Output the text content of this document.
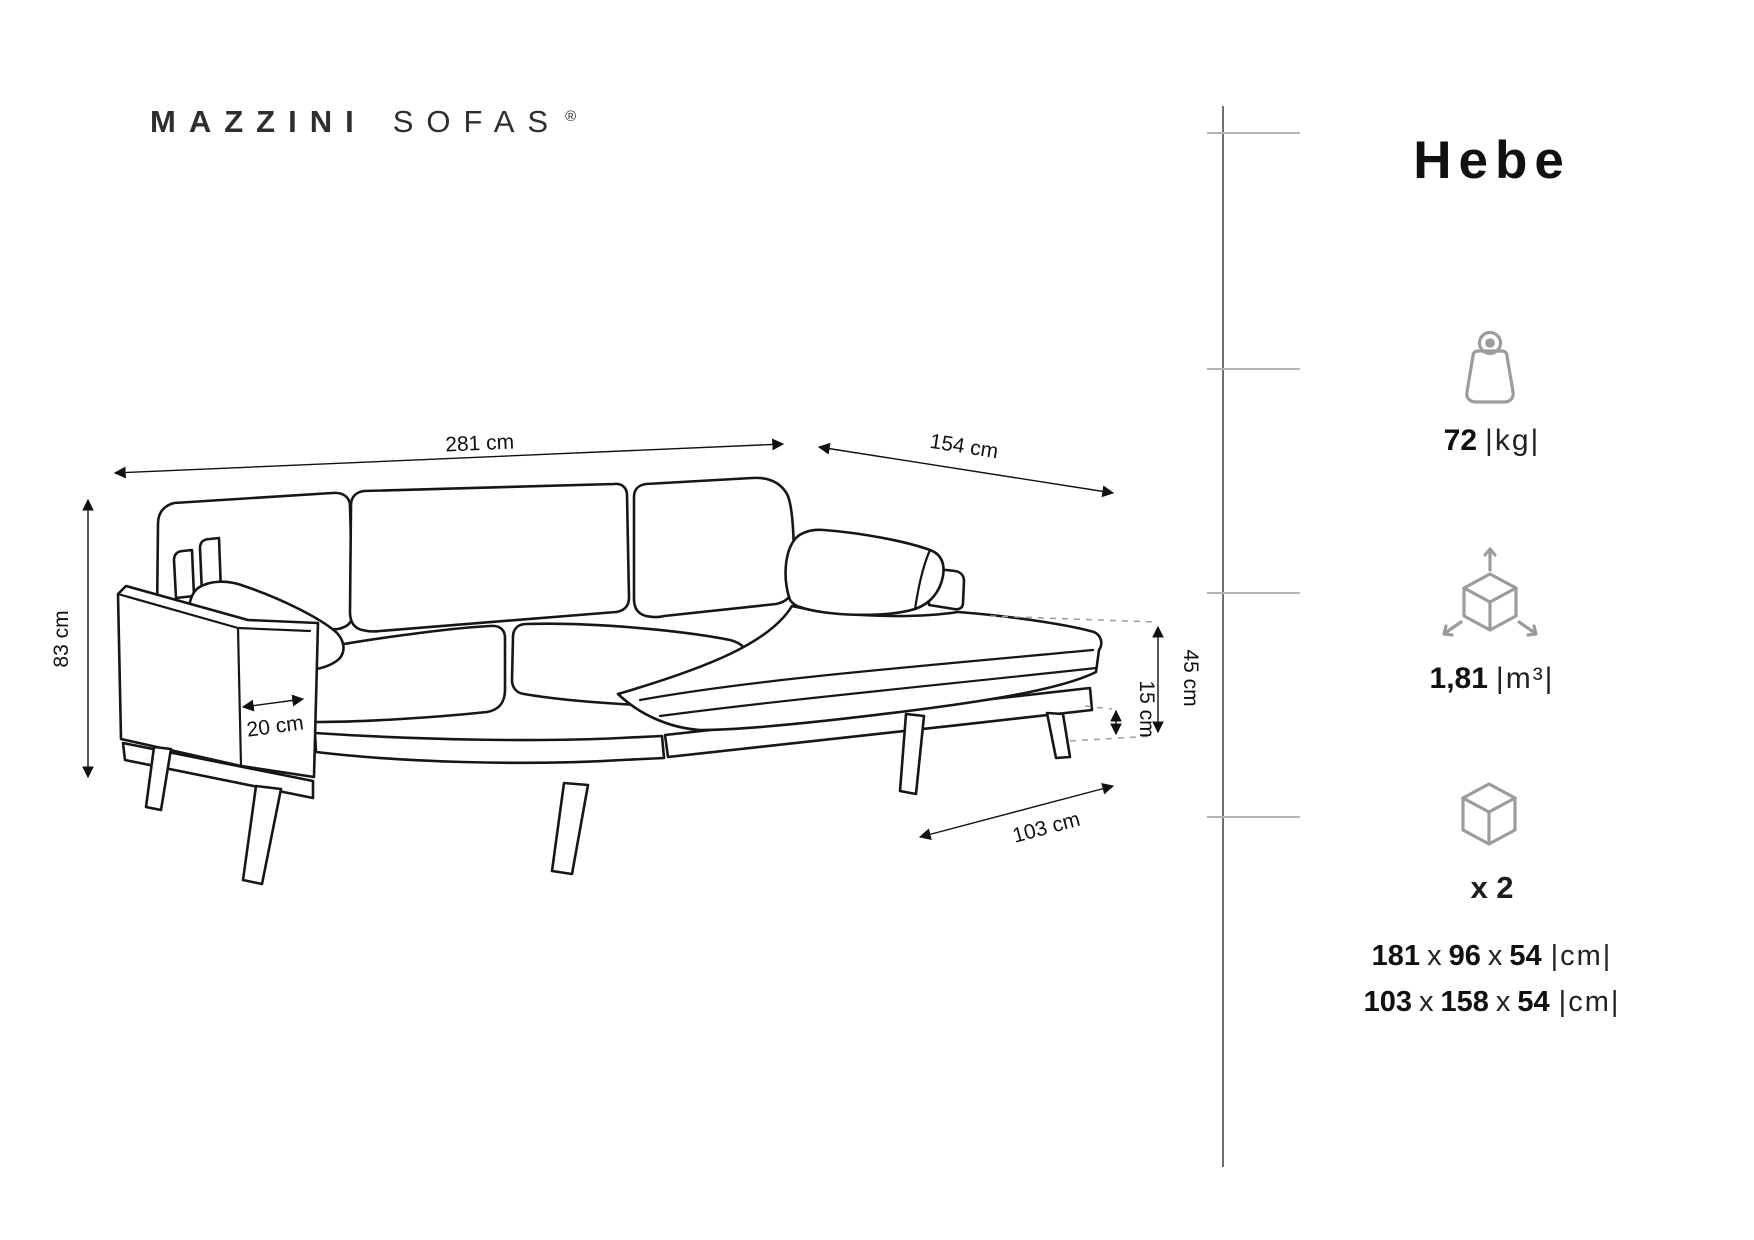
MAZZINI SOFAS ®
281 cm	154 cm
83 cm
20 cm
45 cm
15 cm
103 cm
Hebe
72 |kg|
1,81 |m³|
x 2
181 x 96 x 54 |cm|
103 x 158 x 54 |cm|
